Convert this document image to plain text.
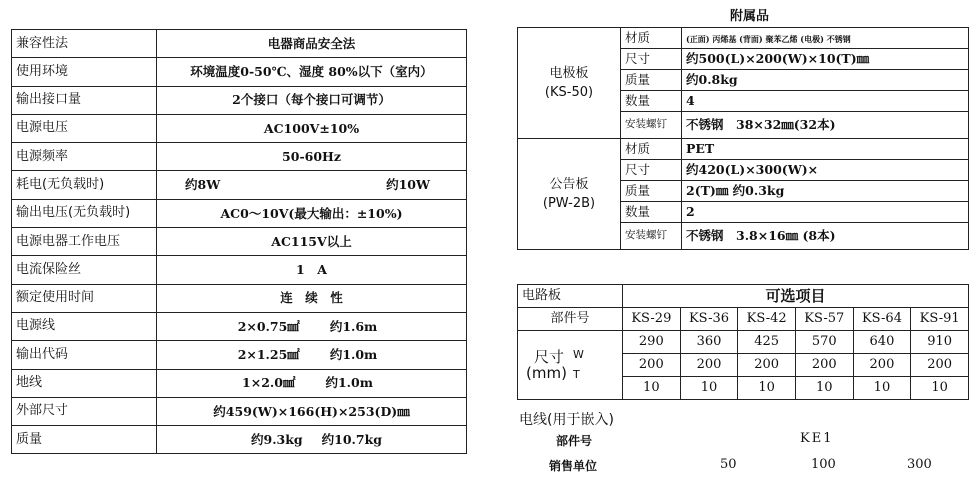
兼容性法	电器商品安全法
使用环境	环境温度0-50℃、湿度 80%以下（室内）
输出接口量	2个接口（每个接口可调节）
电源电压	AC100V±10%
电源频率	50-60Hz
耗电(无负载时)	约8W 约10W

输出电压(无负载时)	AC0～10V(最大输出：±10%)
电源电器工作电压	AC115V以上
电流保险丝	1　A
额定使用时间	连　续　性
电源线	2×0.75㎟ 约1.6m

输出代码	2×1.25㎟ 约1.0m

地线	1×2.0㎟ 约1.0m

外部尺寸	约459(W)×166(H)×253(D)㎜
质量	约9.3kg 约10.7kg
附属品
电极板
(KS-50)	材质	(正面) 丙烯基 (背面) 聚苯乙烯 (电极) 不锈钢
	尺寸	约500(L)×200(W)×10(T)㎜
	质量	约0.8kg
	数量	4
	安装螺钉	不锈钢　38×32㎜(32本)

公告板
(PW-2B)	材质	PET
	尺寸	约420(L)×300(W)×
	质量	2(T)㎜ 约0.3kg
	数量	2
	安装螺钉	不锈钢　3.8×16㎜ (8本)
电路板	可选项目					
部件号	KS-29	KS-36	KS-42	KS-57	KS-64	KS-91

尺寸
(mm)
W
T	290	360	425	570	640	910
	200	200	200	200	200	200
	10	10	10	10	10	10
电线(用于嵌入)
部件号	KE1
销售单位	50	100	300
